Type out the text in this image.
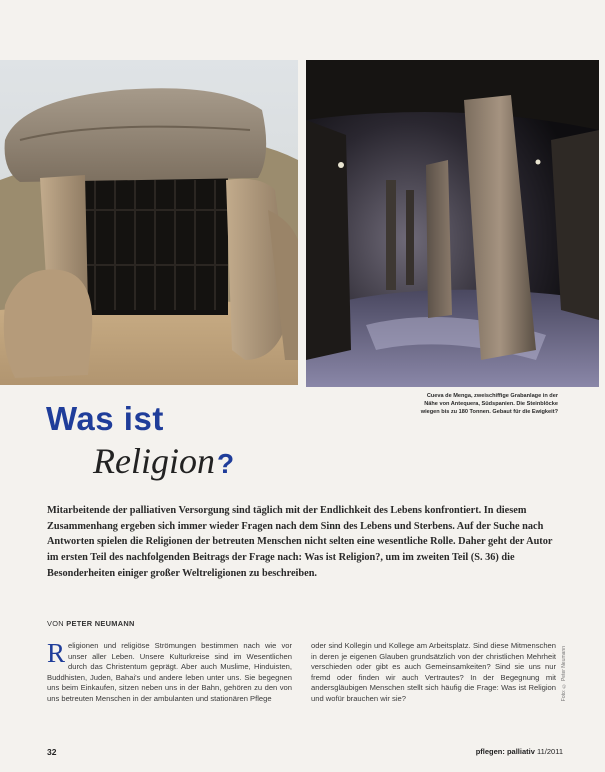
Cueva de Menga, zweischiffige Grabanlage in der Nähe von Antequera, Südspanien. Die Steinblöcke wiegen bis zu 180 Tonnen. Gebaut für die Ewigkeit?
Was ist
Religion?

Mitarbeitende der palliativen Versorgung sind täglich mit der Endlichkeit des Lebens konfrontiert. In diesem Zusammenhang ergeben sich immer wieder Fragen nach dem Sinn des Lebens und Sterbens. Auf der Suche nach Antworten spielen die Religionen der betreuten Menschen nicht selten eine wesentliche Rolle. Daher geht der Autor im ersten Teil des nachfolgenden Beitrags der Frage nach: Was ist Religion?, um im zweiten Teil (S. 36) die Besonderheiten einiger großer Weltreligionen zu beschreiben.

VON PETER NEUMANN

Religionen und religiöse Strömungen bestimmen nach wie vor unser aller Leben. Unsere Kulturkreise sind im Wesentlichen durch das Christentum geprägt. Aber auch Muslime, Hinduisten, Buddhisten, Juden, Bahai's und andere leben unter uns. Sie begegnen uns beim Einkaufen, sitzen neben uns in der Bahn, gehören zu den von uns betreuten Menschen in der ambulanten und stationären Pflege

oder sind Kollegin und Kollege am Arbeitsplatz. Sind diese Mitmenschen in deren je eigenen Glauben grundsätzlich von der christlichen Mehrheit verschieden oder gibt es auch Gemeinsamkeiten? Sind sie uns nur fremd oder finden wir auch Vertrautes? In der Begegnung mit andersgläubigen Menschen stellt sich häufig die Frage: Was ist Religion und wofür brauchen wir sie?	Foto: © Peter Neumann
32	pflegen: palliativ 11/2011
